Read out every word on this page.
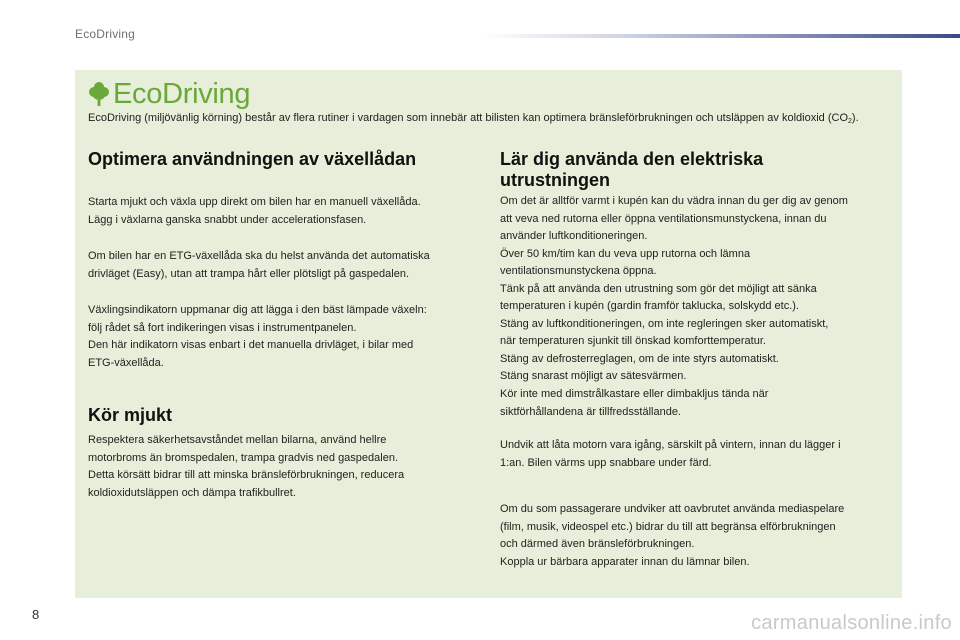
EcoDriving
EcoDriving
EcoDriving (miljövänlig körning) består av flera rutiner i vardagen som innebär att bilisten kan optimera bränsleförbrukningen och utsläppen av koldioxid $(CO_2)$.
Optimera användningen av växellådan

Starta mjukt och växla upp direkt om bilen har en manuell växellåda.

Lägg i växlarna ganska snabbt under accelerationsfasen.

Om bilen har en ETG-växellåda ska du helst använda det automatiska

drivläget (Easy), utan att trampa hårt eller plötsligt på gaspedalen.

Växlingsindikatorn uppmanar dig att lägga i den bäst lämpade växeln:

följ rådet så fort indikeringen visas i instrumentpanelen.

Den här indikatorn visas enbart i det manuella drivläget, i bilar med

ETG-växellåda.

Kör mjukt

Respektera säkerhetsavståndet mellan bilarna, använd hellre

motorbroms än bromspedalen, trampa gradvis ned gaspedalen.

Detta körsätt bidrar till att minska bränsleförbrukningen, reducera

koldioxidutsläppen och dämpa trafikbullret.

Lär dig använda den elektriska
utrustningen

Om det är alltför varmt i kupén kan du vädra innan du ger dig av genom

att veva ned rutorna eller öppna ventilationsmunstyckena, innan du

använder luftkonditioneringen.

Över 50 km/tim kan du veva upp rutorna och lämna

ventilationsmunstyckena öppna.

Tänk på att använda den utrustning som gör det möjligt att sänka

temperaturen i kupén (gardin framför taklucka, solskydd etc.).

Stäng av luftkonditioneringen, om inte regleringen sker automatiskt,

när temperaturen sjunkit till önskad komforttemperatur.

Stäng av defrosterreglagen, om de inte styrs automatiskt.

Stäng snarast möjligt av sätesvärmen.

Kör inte med dimstrålkastare eller dimbakljus tända när

siktförhållandena är tillfredsställande.

Undvik att låta motorn vara igång, särskilt på vintern, innan du lägger i

1:an. Bilen värms upp snabbare under färd.

Om du som passagerare undviker att oavbrutet använda mediaspelare

(film, musik, videospel etc.) bidrar du till att begränsa elförbrukningen

och därmed även bränsleförbrukningen.

Koppla ur bärbara apparater innan du lämnar bilen.

8	carmanualsonline.info
